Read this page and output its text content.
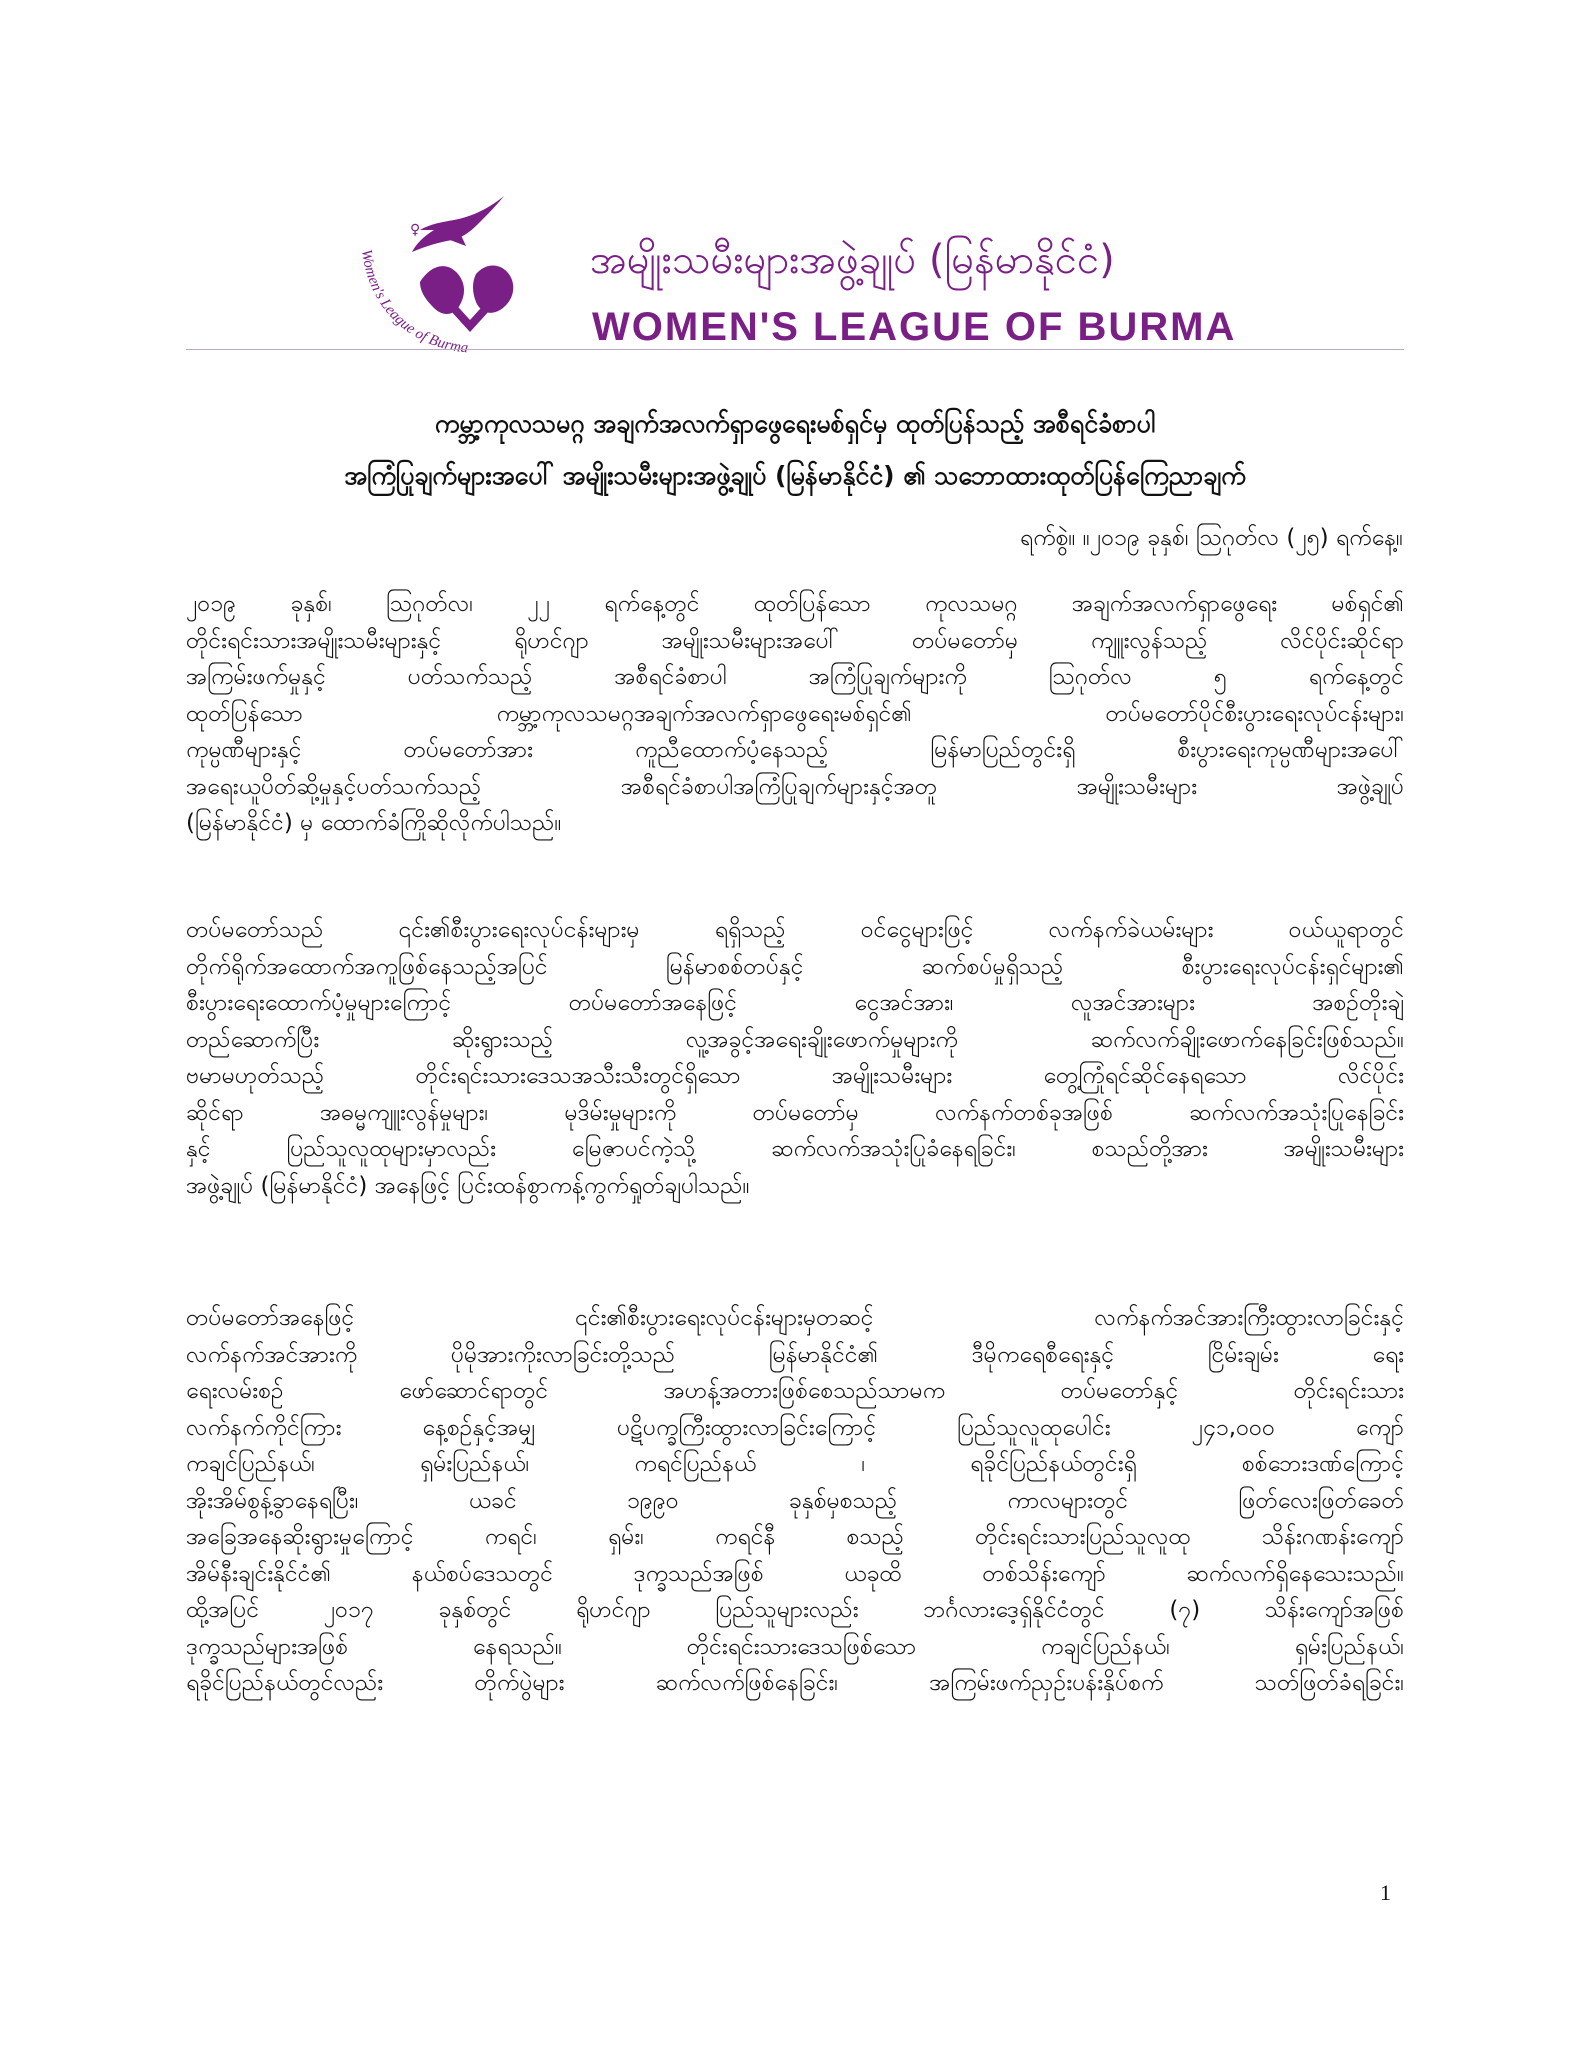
♀
Women's League of Burma
အမျိုးသမီးများအဖွဲ့ချုပ် (မြန်မာနိုင်ငံ)
WOMEN'S LEAGUE OF BURMA
ကမ္ဘာ့ကုလသမဂ္ဂ အချက်အလက်ရှာဖွေရေးမစ်ရှင်မှ ထုတ်ပြန်သည့် အစီရင်ခံစာပါ
အကြံပြုချက်များအပေါ် အမျိုးသမီးများအဖွဲ့ချုပ် (မြန်မာနိုင်ငံ) ၏ သဘောထားထုတ်ပြန်ကြေညာချက်
ရက်စွဲ။ ။၂၀၁၉ ခုနှစ်၊ ဩဂုတ်လ (၂၅) ရက်နေ့။
၂၀၁၉ ခုနှစ်၊ ဩဂုတ်လ၊ ၂၂ ရက်နေ့တွင် ထုတ်ပြန်သော ကုလသမဂ္ဂ အချက်အလက်ရှာဖွေရေး မစ်ရှင်၏
တိုင်းရင်းသားအမျိုးသမီးများနှင့် ရိုဟင်ဂျာ အမျိုးသမီးများအပေါ် တပ်မတော်မှ ကျူးလွန်သည့် လိင်ပိုင်းဆိုင်ရာ
အကြမ်းဖက်မှုနှင့် ပတ်သက်သည့် အစီရင်ခံစာပါ အကြံပြုချက်များကို ဩဂုတ်လ ၅ ရက်နေ့တွင်
ထုတ်ပြန်သော ကမ္ဘာ့ကုလသမဂ္ဂအချက်အလက်ရှာဖွေရေးမစ်ရှင်၏ တပ်မတော်ပိုင်စီးပွားရေးလုပ်ငန်းများ၊
ကုမ္ပဏီများနှင့် တပ်မတော်အား ကူညီထောက်ပံ့နေသည့် မြန်မာပြည်တွင်းရှိ စီးပွားရေးကုမ္ပဏီများအပေါ်
အရေးယူပိတ်ဆို့မှုနှင့်ပတ်သက်သည့် အစီရင်ခံစာပါအကြံပြုချက်များနှင့်အတူ အမျိုးသမီးများ အဖွဲ့ချုပ်
(မြန်မာနိုင်ငံ) မှ ထောက်ခံကြိုဆိုလိုက်ပါသည်။
တပ်မတော်သည် ၎င်း၏စီးပွားရေးလုပ်ငန်းများမှ ရရှိသည့် ဝင်ငွေများဖြင့် လက်နက်ခဲယမ်းများ ဝယ်ယူရာတွင်
တိုက်ရိုက်အထောက်အကူဖြစ်နေသည့်အပြင် မြန်မာစစ်တပ်နှင့် ဆက်စပ်မှုရှိသည့် စီးပွားရေးလုပ်ငန်းရှင်များ၏
စီးပွားရေးထောက်ပံ့မှုများကြောင့် တပ်မတော်အနေဖြင့် ငွေအင်အား၊ လူအင်အားများ အစဉ်တိုးချဲ့
တည်ဆောက်ပြီး ဆိုးရွားသည့် လူ့အခွင့်အရေးချိုးဖောက်မှုများကို ဆက်လက်ချိုးဖောက်နေခြင်းဖြစ်သည်။
ဗမာမဟုတ်သည့် တိုင်းရင်းသားဒေသအသီးသီးတွင်ရှိသော အမျိုးသမီးများ တွေ့ကြုံရင်ဆိုင်နေရသော လိင်ပိုင်း
ဆိုင်ရာ အဓမ္မကျူးလွန်မှုများ၊ မုဒိမ်းမှုများကို တပ်မတော်မှ လက်နက်တစ်ခုအဖြစ် ဆက်လက်အသုံးပြုနေခြင်း
နှင့် ပြည်သူလူထုများမှာလည်း မြေဇာပင်ကဲ့သို့ ဆက်လက်အသုံးပြုခံနေရခြင်း၊ စသည်တို့အား အမျိုးသမီးများ
အဖွဲ့ချုပ် (မြန်မာနိုင်ငံ) အနေဖြင့် ပြင်းထန်စွာကန့်ကွက်ရှုတ်ချပါသည်။
တပ်မတော်အနေဖြင့် ၎င်း၏စီးပွားရေးလုပ်ငန်းများမှတဆင့် လက်နက်အင်အားကြီးထွားလာခြင်းနှင့်
လက်နက်အင်အားကို ပိုမိုအားကိုးလာခြင်းတို့သည် မြန်မာနိုင်ငံ၏ ဒီမိုကရေစီရေးနှင့် ငြိမ်းချမ်း ရေး
ရေးလမ်းစဉ် ဖော်ဆောင်ရာတွင် အဟန့်အတားဖြစ်စေသည်သာမက တပ်မတော်နှင့် တိုင်းရင်းသား
လက်နက်ကိုင်ကြား နေ့စဉ်နှင့်အမျှ ပဋိပက္ခကြီးထွားလာခြင်းကြောင့် ပြည်သူလူထုပေါင်း ၂၄၁,၀၀၀ ကျော်
ကချင်ပြည်နယ်၊ ရှမ်းပြည်နယ်၊ ကရင်ပြည်နယ် ၊ ရခိုင်ပြည်နယ်တွင်းရှိ စစ်ဘေးဒဏ်ကြောင့်
အိုးအိမ်စွန့်ခွာနေရပြီး၊ ယခင် ၁၉၉၀ ခုနှစ်မှစသည့် ကာလများတွင် ဖြတ်လေးဖြတ်ခေတ်
အခြေအနေဆိုးရွားမှုကြောင့် ကရင်၊ ရှမ်း၊ ကရင်နီ စသည့် တိုင်းရင်းသားပြည်သူလူထု သိန်းဂဏန်းကျော်
အိမ်နီးချင်းနိုင်ငံ၏ နယ်စပ်ဒေသတွင် ဒုက္ခသည်အဖြစ် ယခုထိ တစ်သိန်းကျော် ဆက်လက်ရှိနေသေးသည်။
ထို့အပြင် ၂၀၁၇ ခုနှစ်တွင် ရိုဟင်ဂျာ ပြည်သူများလည်း ဘင်္ဂလားဒေ့ရှ်နိုင်ငံတွင် (၇) သိန်းကျော်အဖြစ်
ဒုက္ခသည်များအဖြစ် နေရသည်။ တိုင်းရင်းသားဒေသဖြစ်သော ကချင်ပြည်နယ်၊ ရှမ်းပြည်နယ်၊
ရခိုင်ပြည်နယ်တွင်လည်း တိုက်ပွဲများ ဆက်လက်ဖြစ်နေခြင်း၊ အကြမ်းဖက်ညှဉ်းပန်းနှိပ်စက် သတ်ဖြတ်ခံရခြင်း၊
1
